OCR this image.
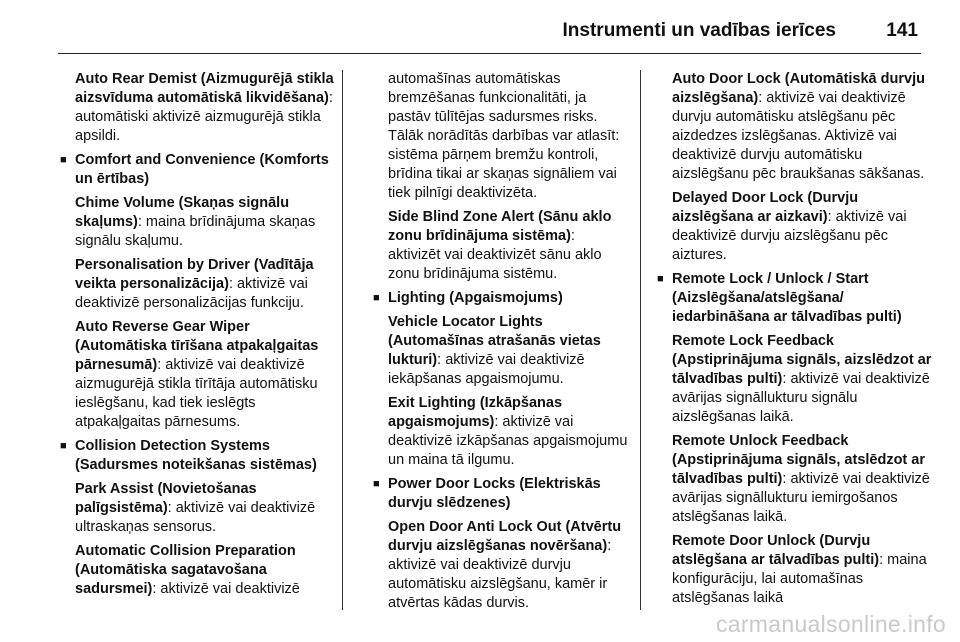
Instrumenti un vadības ierīces	141
Auto Rear Demist (Aizmugurējā stikla aizsvīduma automātiskā likvidēšana): automātiski aktivizē aizmugurējā stikla apsildi.
■ Comfort and Convenience (Komforts un ērtības)
Chime Volume (Skaņas signālu skaļums): maina brīdinājuma skaņas signālu skaļumu.
Personalisation by Driver (Vadītāja veikta personalizācija): aktivizē vai deaktivizē personalizācijas funkciju.
Auto Reverse Gear Wiper (Automātiska tīrīšana atpakaļgaitas pārnesumā): aktivizē vai deaktivizē aizmugurējā stikla tīrītāja automātisku ieslēgšanu, kad tiek ieslēgts atpakaļgaitas pārnesums.
■ Collision Detection Systems (Sadursmes noteikšanas sistēmas)
Park Assist (Novietošanas palīgsistēma): aktivizē vai deaktivizē ultraskaņas sensorus.
Automatic Collision Preparation (Automātiska sagatavošana sadursmei): aktivizē vai deaktivizē
automašīnas automātiskas bremzēšanas funkcionalitāti, ja pastāv tūlītējas sadursmes risks. Tālāk norādītās darbības var atlasīt: sistēma pārņem bremžu kontroli, brīdina tikai ar skaņas signāliem vai tiek pilnīgi deaktivizēta.
Side Blind Zone Alert (Sānu aklo zonu brīdinājuma sistēma): aktivizēt vai deaktivizēt sānu aklo zonu brīdinājuma sistēmu.
■ Lighting (Apgaismojums)
Vehicle Locator Lights (Automašīnas atrašanās vietas lukturi): aktivizē vai deaktivizē iekāpšanas apgaismojumu.
Exit Lighting (Izkāpšanas apgaismojums): aktivizē vai deaktivizē izkāpšanas apgaismojumu un maina tā ilgumu.
■ Power Door Locks (Elektriskās durvju slēdzenes)
Open Door Anti Lock Out (Atvērtu durvju aizslēgšanas novēršana): aktivizē vai deaktivizē durvju automātisku aizslēgšanu, kamēr ir atvērtas kādas durvis.
Auto Door Lock (Automātiskā durvju aizslēgšana): aktivizē vai deaktivizē durvju automātisku atslēgšanu pēc aizdedzes izslēgšanas. Aktivizē vai deaktivizē durvju automātisku aizslēgšanu pēc braukšanas sākšanas.
Delayed Door Lock (Durvju aizslēgšana ar aizkavi): aktivizē vai deaktivizē durvju aizslēgšanu pēc aiztures.
■ Remote Lock / Unlock / Start (Aizslēgšana/atslēgšana/ iedarbināšana ar tālvadības pulti)
Remote Lock Feedback (Apstiprinājuma signāls, aizslēdzot ar tālvadības pulti): aktivizē vai deaktivizē avārijas signāllukturu signālu aizslēgšanas laikā.
Remote Unlock Feedback (Apstiprinājuma signāls, atslēdzot ar tālvadības pulti): aktivizē vai deaktivizē avārijas signāllukturu iemirgošanos atslēgšanas laikā.
Remote Door Unlock (Durvju atslēgšana ar tālvadības pulti): maina konfigurāciju, lai automašīnas atslēgšanas laikā
carmanualsonline.info
